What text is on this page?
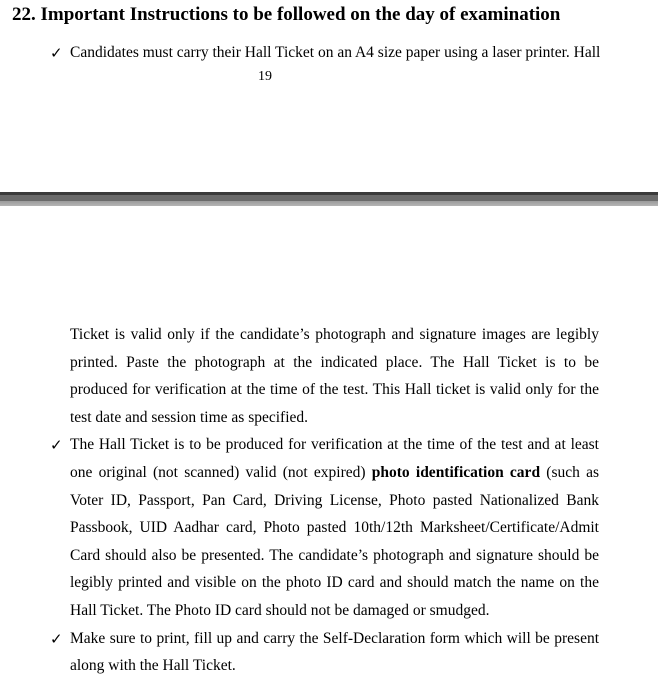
22. Important Instructions to be followed on the day of examination
✓ Candidates must carry their Hall Ticket on an A4 size paper using a laser printer. Hall
19
Ticket is valid only if the candidate’s photograph and signature images are legibly
printed. Paste the photograph at the indicated place. The Hall Ticket is to be
produced for verification at the time of the test. This Hall ticket is valid only for the
test date and session time as specified.
✓ The Hall Ticket is to be produced for verification at the time of the test and at least
one original (not scanned) valid (not expired) photo identification card (such as
Voter ID, Passport, Pan Card, Driving License, Photo pasted Nationalized Bank
Passbook, UID Aadhar card, Photo pasted 10th/12th Marksheet/Certificate/Admit
Card should also be presented. The candidate’s photograph and signature should be
legibly printed and visible on the photo ID card and should match the name on the
Hall Ticket. The Photo ID card should not be damaged or smudged.
✓ Make sure to print, fill up and carry the Self-Declaration form which will be present
along with the Hall Ticket.
